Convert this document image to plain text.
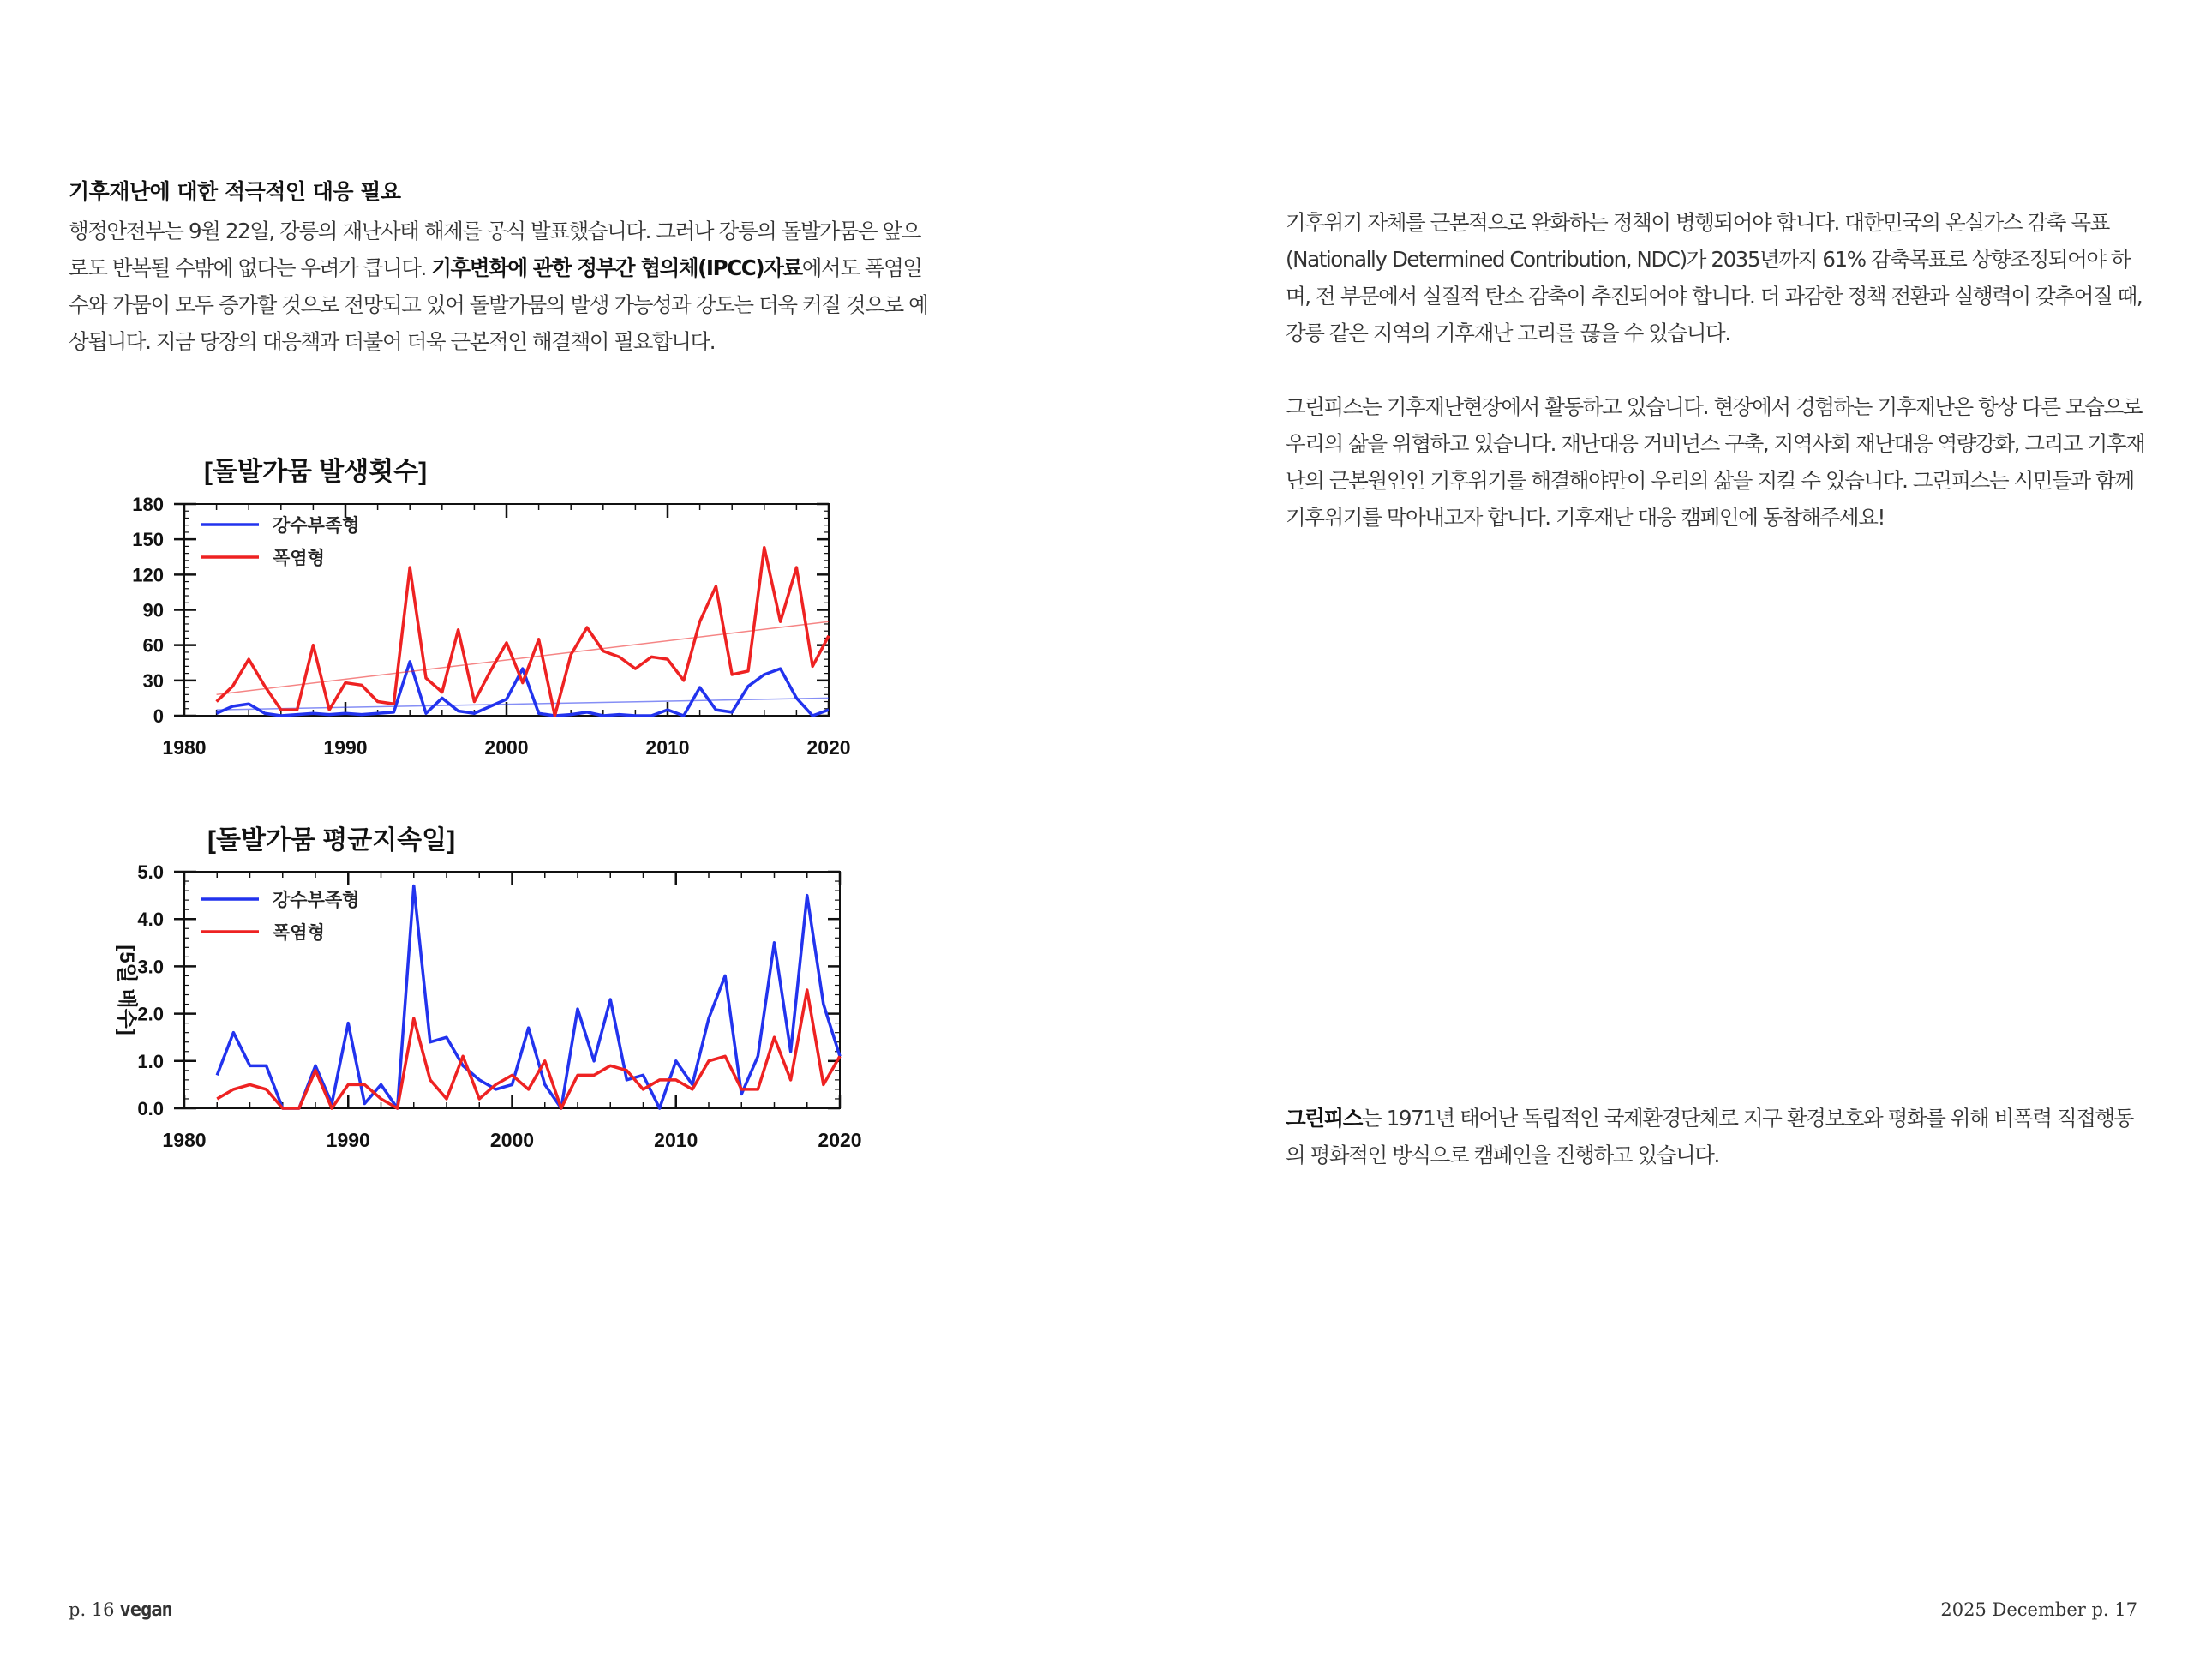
기후재난에 대한 적극적인 대응 필요

행정안전부는 9월 22일, 강릉의 재난사태 해제를 공식 발표했습니다. 그러나 강릉의 돌발가뭄은 앞으로도 반복될 수밖에 없다는 우려가 큽니다. 기후변화에 관한 정부간 협의체(IPCC)자료에서도 폭염일수와 가뭄이 모두 증가할 것으로 전망되고 있어 돌발가뭄의 발생 가능성과 강도는 더욱 커질 것으로 예상됩니다. 지금 당장의 대응책과 더불어 더욱 근본적인 해결책이 필요합니다.

[돌발가뭄 발생횟수]
1980	1990	2000	2010	2020
0
30
60
90
120
150
180
강수부족형
폭염형
[돌발가뭄 평균지속일]
1980	1990	2000	2010	2020
0.0
1.0
2.0
3.0
4.0
5.0
[5일 배수]
강수부족형
폭염형

기후위기 자체를 근본적으로 완화하는 정책이 병행되어야 합니다. 대한민국의 온실가스 감축 목표(Nationally Determined Contribution, NDC)가 2035년까지 61% 감축목표로 상향조정되어야 하며, 전 부문에서 실질적 탄소 감축이 추진되어야 합니다. 더 과감한 정책 전환과 실행력이 갖추어질 때, 강릉 같은 지역의 기후재난 고리를 끊을 수 있습니다.

그린피스는 기후재난현장에서 활동하고 있습니다. 현장에서 경험하는 기후재난은 항상 다른 모습으로 우리의 삶을 위협하고 있습니다. 재난대응 거버넌스 구축, 지역사회 재난대응 역량강화, 그리고 기후재난의 근본원인인 기후위기를 해결해야만이 우리의 삶을 지킬 수 있습니다. 그린피스는 시민들과 함께 기후위기를 막아내고자 합니다. 기후재난 대응 캠페인에 동참해주세요!

그린피스는 1971년 태어난 독립적인 국제환경단체로 지구 환경보호와 평화를 위해 비폭력 직접행동의 평화적인 방식으로 캠페인을 진행하고 있습니다.

p. 16 vegan	2025 December p. 17
